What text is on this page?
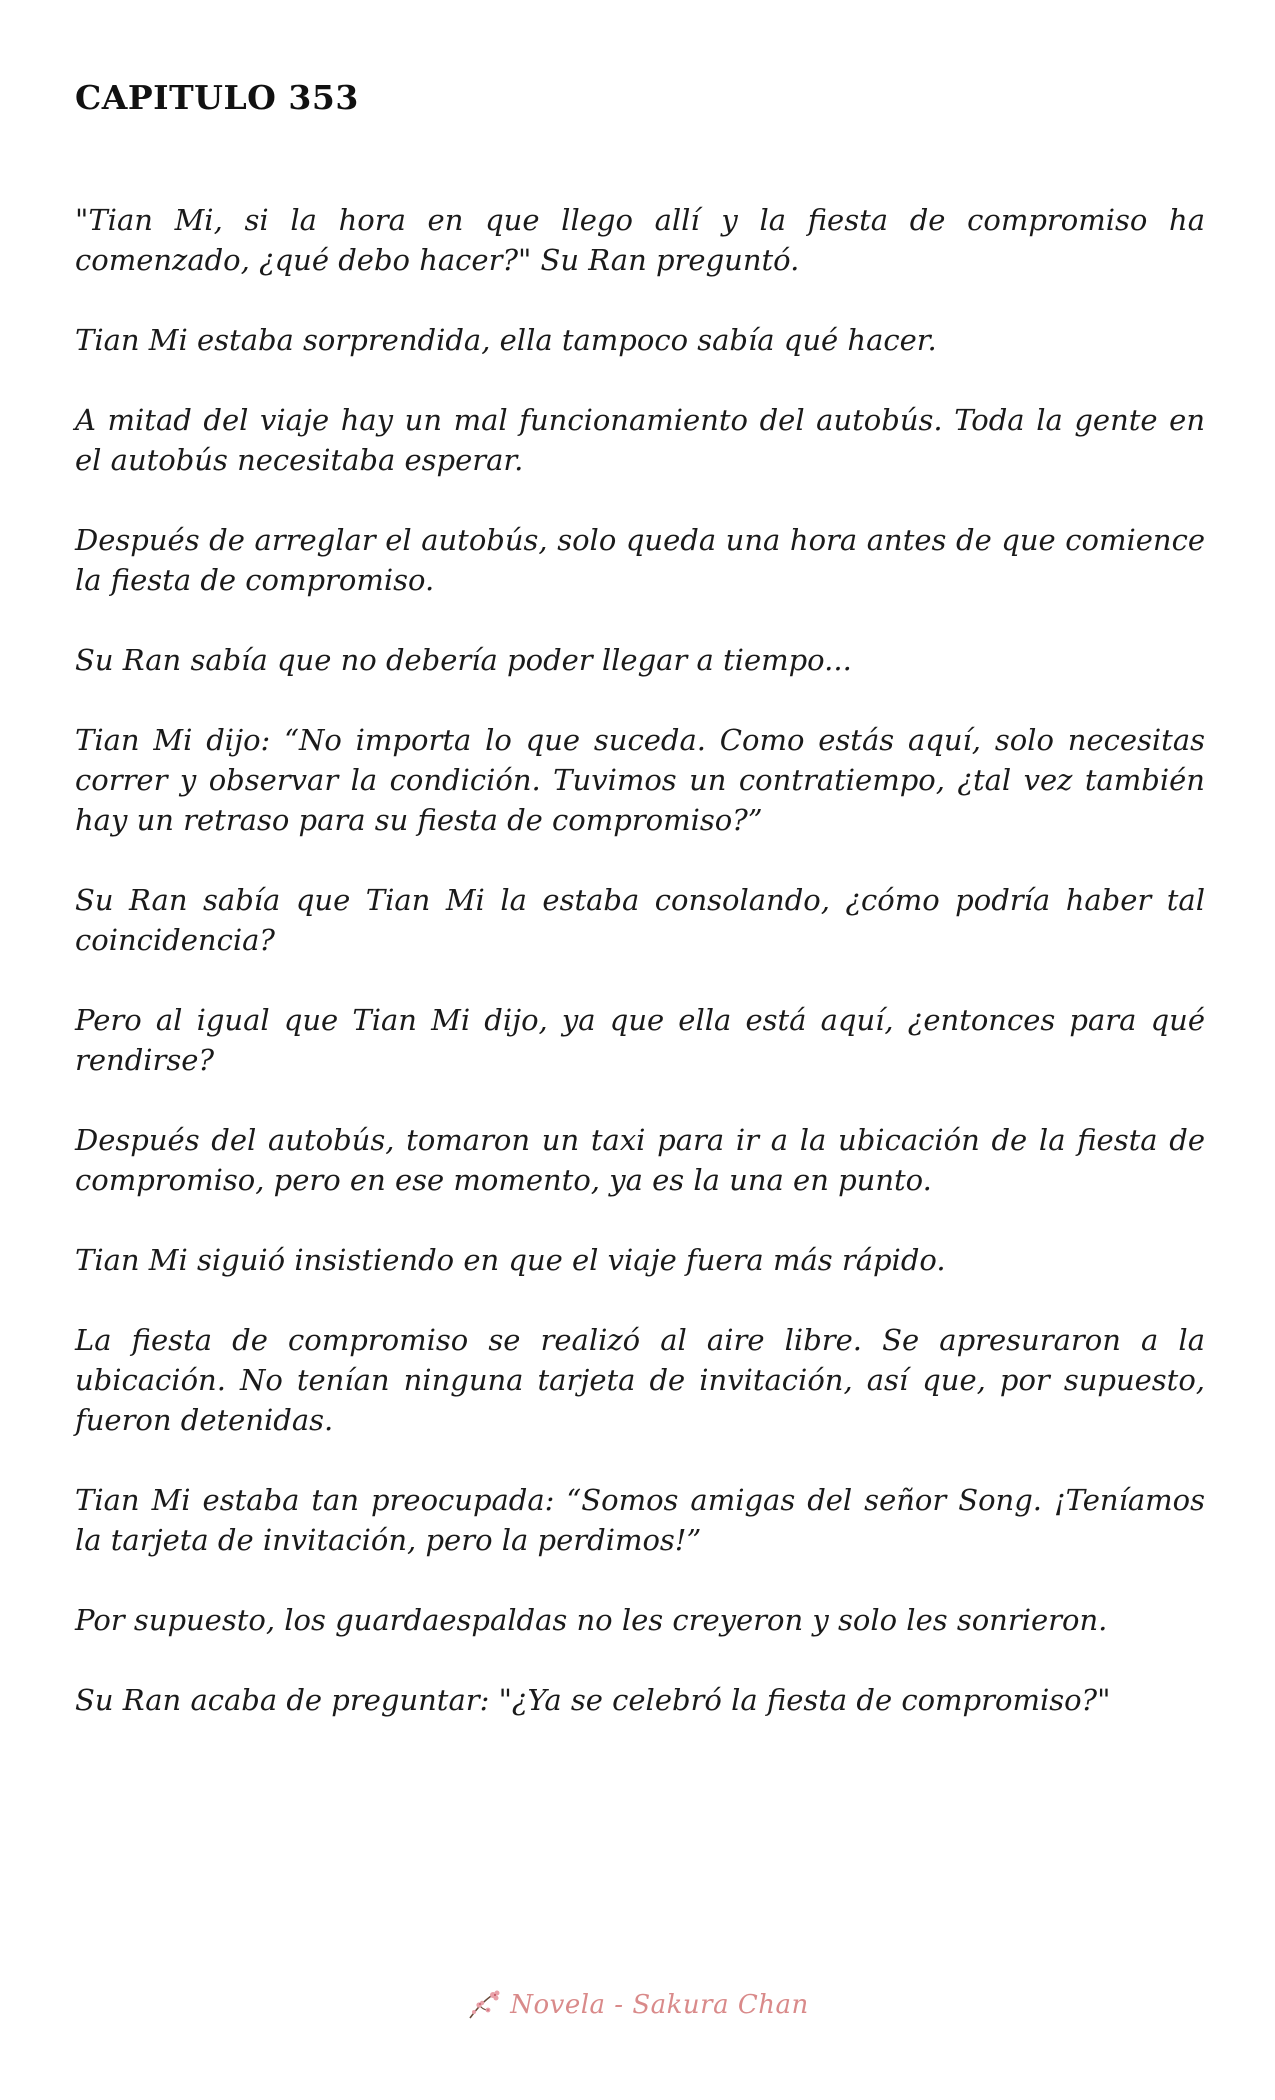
CAPITULO 353

"Tian Mi, si la hora en que llego allí y la fiesta de compromiso ha comenzado, ¿qué debo hacer?" Su Ran preguntó.

Tian Mi estaba sorprendida, ella tampoco sabía qué hacer.

A mitad del viaje hay un mal funcionamiento del autobús. Toda la gente en el autobús necesitaba esperar.

Después de arreglar el autobús, solo queda una hora antes de que comience la fiesta de compromiso.

Su Ran sabía que no debería poder llegar a tiempo...

Tian Mi dijo: “No importa lo que suceda. Como estás aquí, solo necesitas correr y observar la condición. Tuvimos un contratiempo, ¿tal vez también hay un retraso para su fiesta de compromiso?”

Su Ran sabía que Tian Mi la estaba consolando, ¿cómo podría haber tal coincidencia?

Pero al igual que Tian Mi dijo, ya que ella está aquí, ¿entonces para qué rendirse?

Después del autobús, tomaron un taxi para ir a la ubicación de la fiesta de compromiso, pero en ese momento, ya es la una en punto.

Tian Mi siguió insistiendo en que el viaje fuera más rápido.

La fiesta de compromiso se realizó al aire libre. Se apresuraron a la ubicación. No tenían ninguna tarjeta de invitación, así que, por supuesto, fueron detenidas.

Tian Mi estaba tan preocupada: “Somos amigas del señor Song. ¡Teníamos la tarjeta de invitación, pero la perdimos!”

Por supuesto, los guardaespaldas no les creyeron y solo les sonrieron.

Su Ran acaba de preguntar: "¿Ya se celebró la fiesta de compromiso?"

Novela - Sakura Chan
